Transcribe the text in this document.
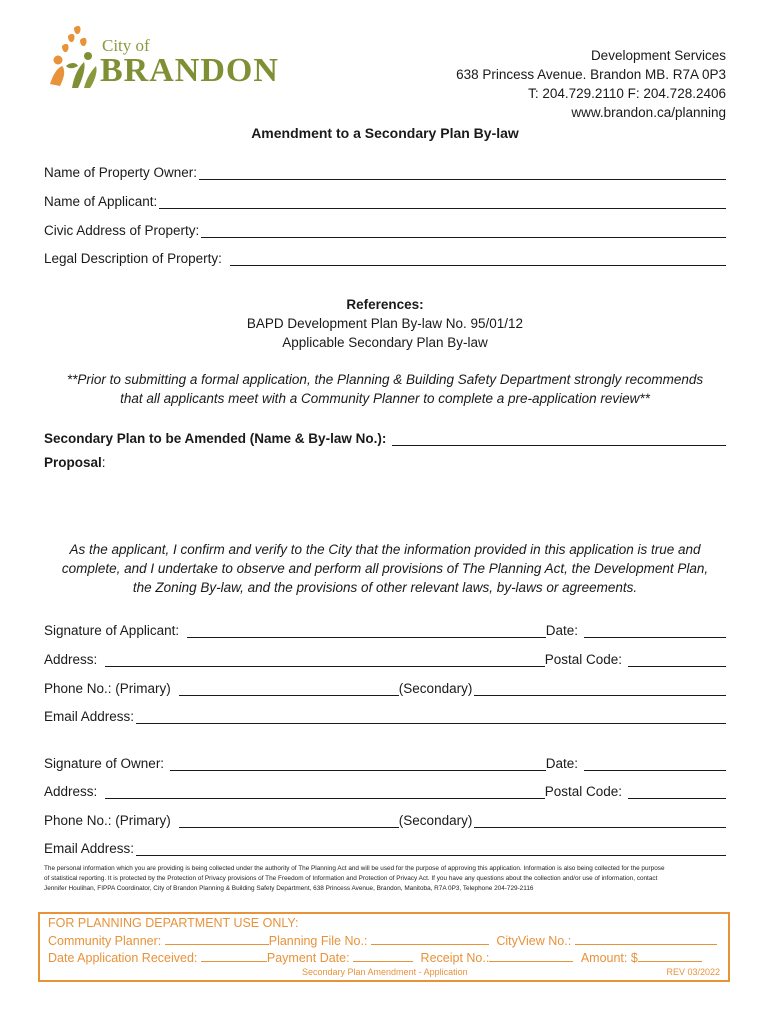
City of
BRANDON	Development Services
638 Princess Avenue. Brandon MB. R7A 0P3
T: 204.729.2110 F: 204.728.2406
www.brandon.ca/planning
Amendment to a Secondary Plan By-law
Name of Property Owner:
Name of Applicant:
Civic Address of Property:
Legal Description of Property:
References:
BAPD Development Plan By-law No. 95/01/12
Applicable Secondary Plan By-law
**Prior to submitting a formal application, the Planning & Building Safety Department strongly recommends
that all applicants meet with a Community Planner to complete a pre-application review**
Secondary Plan to be Amended (Name & By-law No.):
Proposal:
As the applicant, I confirm and verify to the City that the information provided in this application is true and
complete, and I undertake to observe and perform all provisions of The Planning Act, the Development Plan,
the Zoning By-law, and the provisions of other relevant laws, by-laws or agreements.
Signature of Applicant:	Date:
Address:	Postal Code:
Phone No.: (Primary)	(Secondary)
Email Address:
Signature of Owner:	Date:
Address:	Postal Code:
Phone No.: (Primary)	(Secondary)
Email Address:
The personal information which you are providing is being collected under the authority of The Planning Act and will be used for the purpose of approving this application. Information is also being collected for the purpose
of statistical reporting. It is protected by the Protection of Privacy provisions of The Freedom of Information and Protection of Privacy Act. If you have any questions about the collection and/or use of information, contact
Jennifer Houlihan, FIPPA Coordinator, City of Brandon Planning & Building Safety Department, 638 Princess Avenue, Brandon, Manitoba, R7A 0P3, Telephone 204-729-2116
FOR PLANNING DEPARTMENT USE ONLY:
Community Planner:	Planning File No.:	CityView No.:
Date Application Received:	Payment Date:	Receipt No.:	Amount: $
Secondary Plan Amendment - Application	REV 03/2022
